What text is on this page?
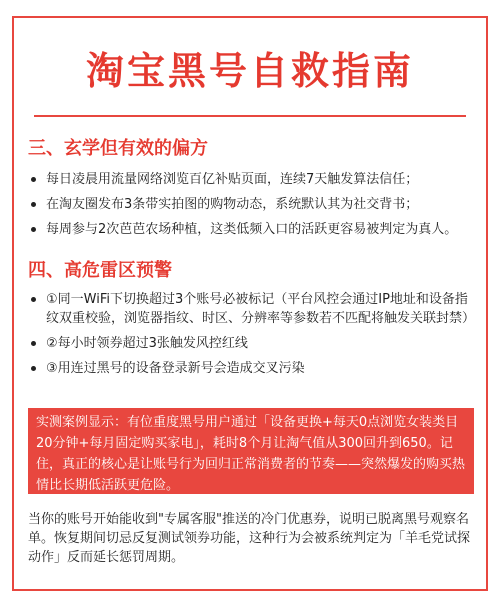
淘宝黑号自救指南
三、玄学但有效的偏方
每日凌晨用流量网络浏览百亿补贴页面，连续7天触发算法信任；
在淘友圈发布3条带实拍图的购物动态，系统默认其为社交背书；
每周参与2次芭芭农场种植，这类低频入口的活跃更容易被判定为真人。
四、高危雷区预警
①同一WiFi下切换超过3个账号必被标记（平台风控会通过IP地址和设备指纹双重校验，浏览器指纹、时区、分辨率等参数若不匹配将触发关联封禁）
②每小时领券超过3张触发风控红线
③用连过黑号的设备登录新号会造成交叉污染
实测案例显示：有位重度黑号用户通过「设备更换+每天0点浏览女装类目20分钟+每月固定购买家电」，耗时8个月让淘气值从300回升到650。记住，真正的核心是让账号行为回归正常消费者的节奏——突然爆发的购买热情比长期低活跃更危险。
当你的账号开始能收到"专属客服"推送的冷门优惠券，说明已脱离黑号观察名单。恢复期间切忌反复测试领券功能，这种行为会被系统判定为「羊毛党试探动作」反而延长惩罚周期。
